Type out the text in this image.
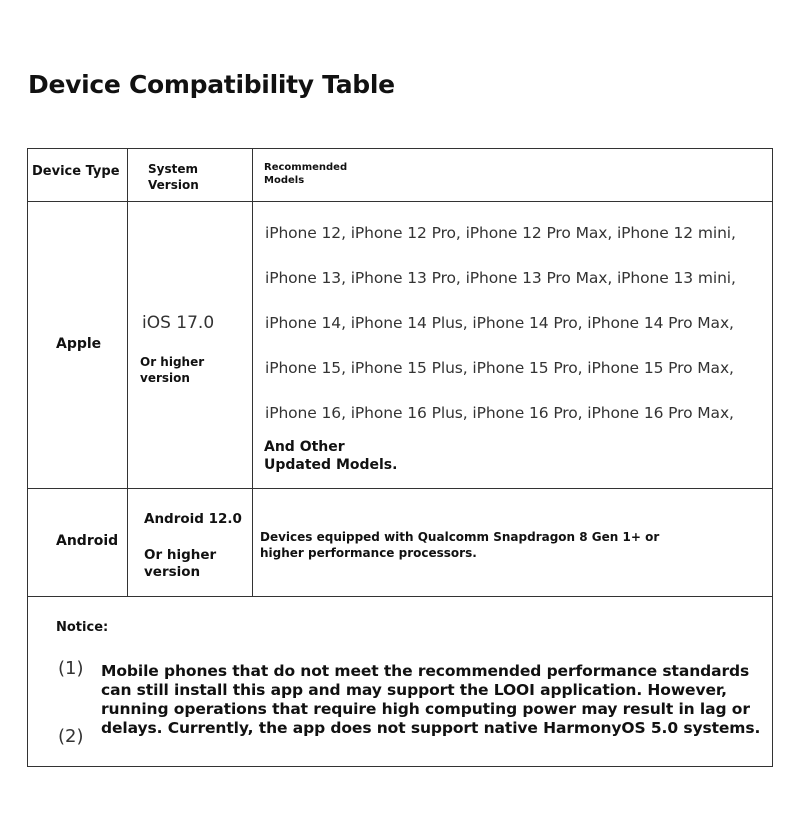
Device Compatibility Table
Device Type System
Version
Recommended
Models
Apple
iOS 17.0
Or higher
version
iPhone 12, iPhone 12 Pro, iPhone 12 Pro Max, iPhone 12 mini,
iPhone 13, iPhone 13 Pro, iPhone 13 Pro Max, iPhone 13 mini,
iPhone 14, iPhone 14 Plus, iPhone 14 Pro, iPhone 14 Pro Max,
iPhone 15, iPhone 15 Plus, iPhone 15 Pro, iPhone 15 Pro Max,
iPhone 16, iPhone 16 Plus, iPhone 16 Pro, iPhone 16 Pro Max,
And Other
Updated Models.
Android
Android 12.0
Or higher
version
Devices equipped with Qualcomm Snapdragon 8 Gen 1+ or
higher performance processors.
Notice:
(1)
(2)
Mobile phones that do not meet the recommended performance standards
can still install this app and may support the LOOI application. However,
running operations that require high computing power may result in lag or
delays. Currently, the app does not support native HarmonyOS 5.0 systems.
